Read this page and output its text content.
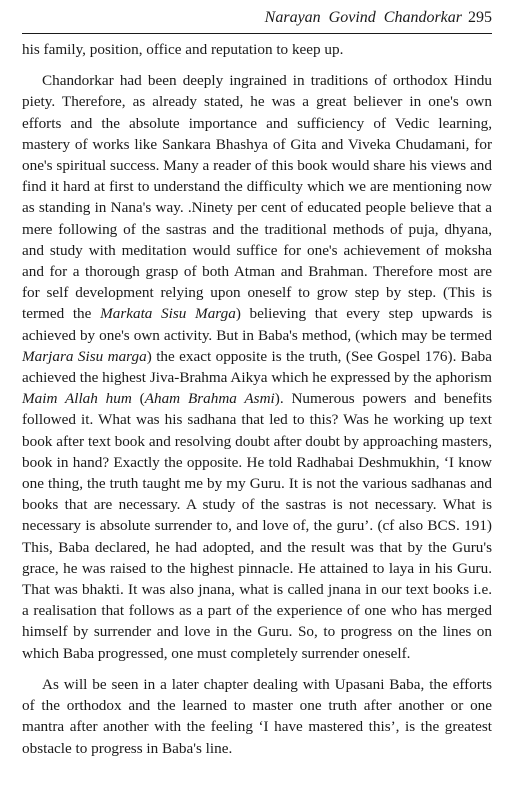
Narayan Govind Chandorkar 295

his family, position, office and reputation to keep up.

Chandorkar had been deeply ingrained in traditions of orthodox Hindu piety. Therefore, as already stated, he was a great believer in one's own efforts and the absolute importance and sufficiency of Vedic learning, mastery of works like Sankara Bhashya of Gita and Viveka Chudamani, for one's spiritual success. Many a reader of this book would share his views and find it hard at first to understand the difficulty which we are mentioning now as standing in Nana's way. .Ninety per cent of educated people believe that a mere following of the sastras and the traditional methods of puja, dhyana, and study with meditation would suffice for one's achievement of moksha and for a thorough grasp of both Atman and Brahman. Therefore most are for self development relying upon oneself to grow step by step. (This is termed the Markata Sisu Marga) believing that every step upwards is achieved by one's own activity. But in Baba's method, (which may be termed Marjara Sisu marga) the exact opposite is the truth, (See Gospel 176). Baba achieved the highest Jiva-Brahma Aikya which he expressed by the aphorism Maim Allah hum (Aham Brahma Asmi). Numerous powers and benefits followed it. What was his sadhana that led to this? Was he working up text book after text book and resolving doubt after doubt by approaching masters, book in hand? Exactly the opposite. He told Radhabai Deshmukhin, ‘I know one thing, the truth taught me by my Guru. It is not the various sadhanas and books that are necessary. A study of the sastras is not necessary. What is necessary is absolute surrender to, and love of, the guru’. (cf also BCS. 191) This, Baba declared, he had adopted, and the result was that by the Guru's grace, he was raised to the highest pinnacle. He attained to laya in his Guru. That was bhakti. It was also jnana, what is called jnana in our text books i.e. a realisation that follows as a part of the experience of one who has merged himself by surrender and love in the Guru. So, to progress on the lines on which Baba progressed, one must completely surrender oneself.

As will be seen in a later chapter dealing with Upasani Baba, the efforts of the orthodox and the learned to master one truth after another or one mantra after another with the feeling ‘I have mastered this’, is the greatest obstacle to progress in Baba's line.
